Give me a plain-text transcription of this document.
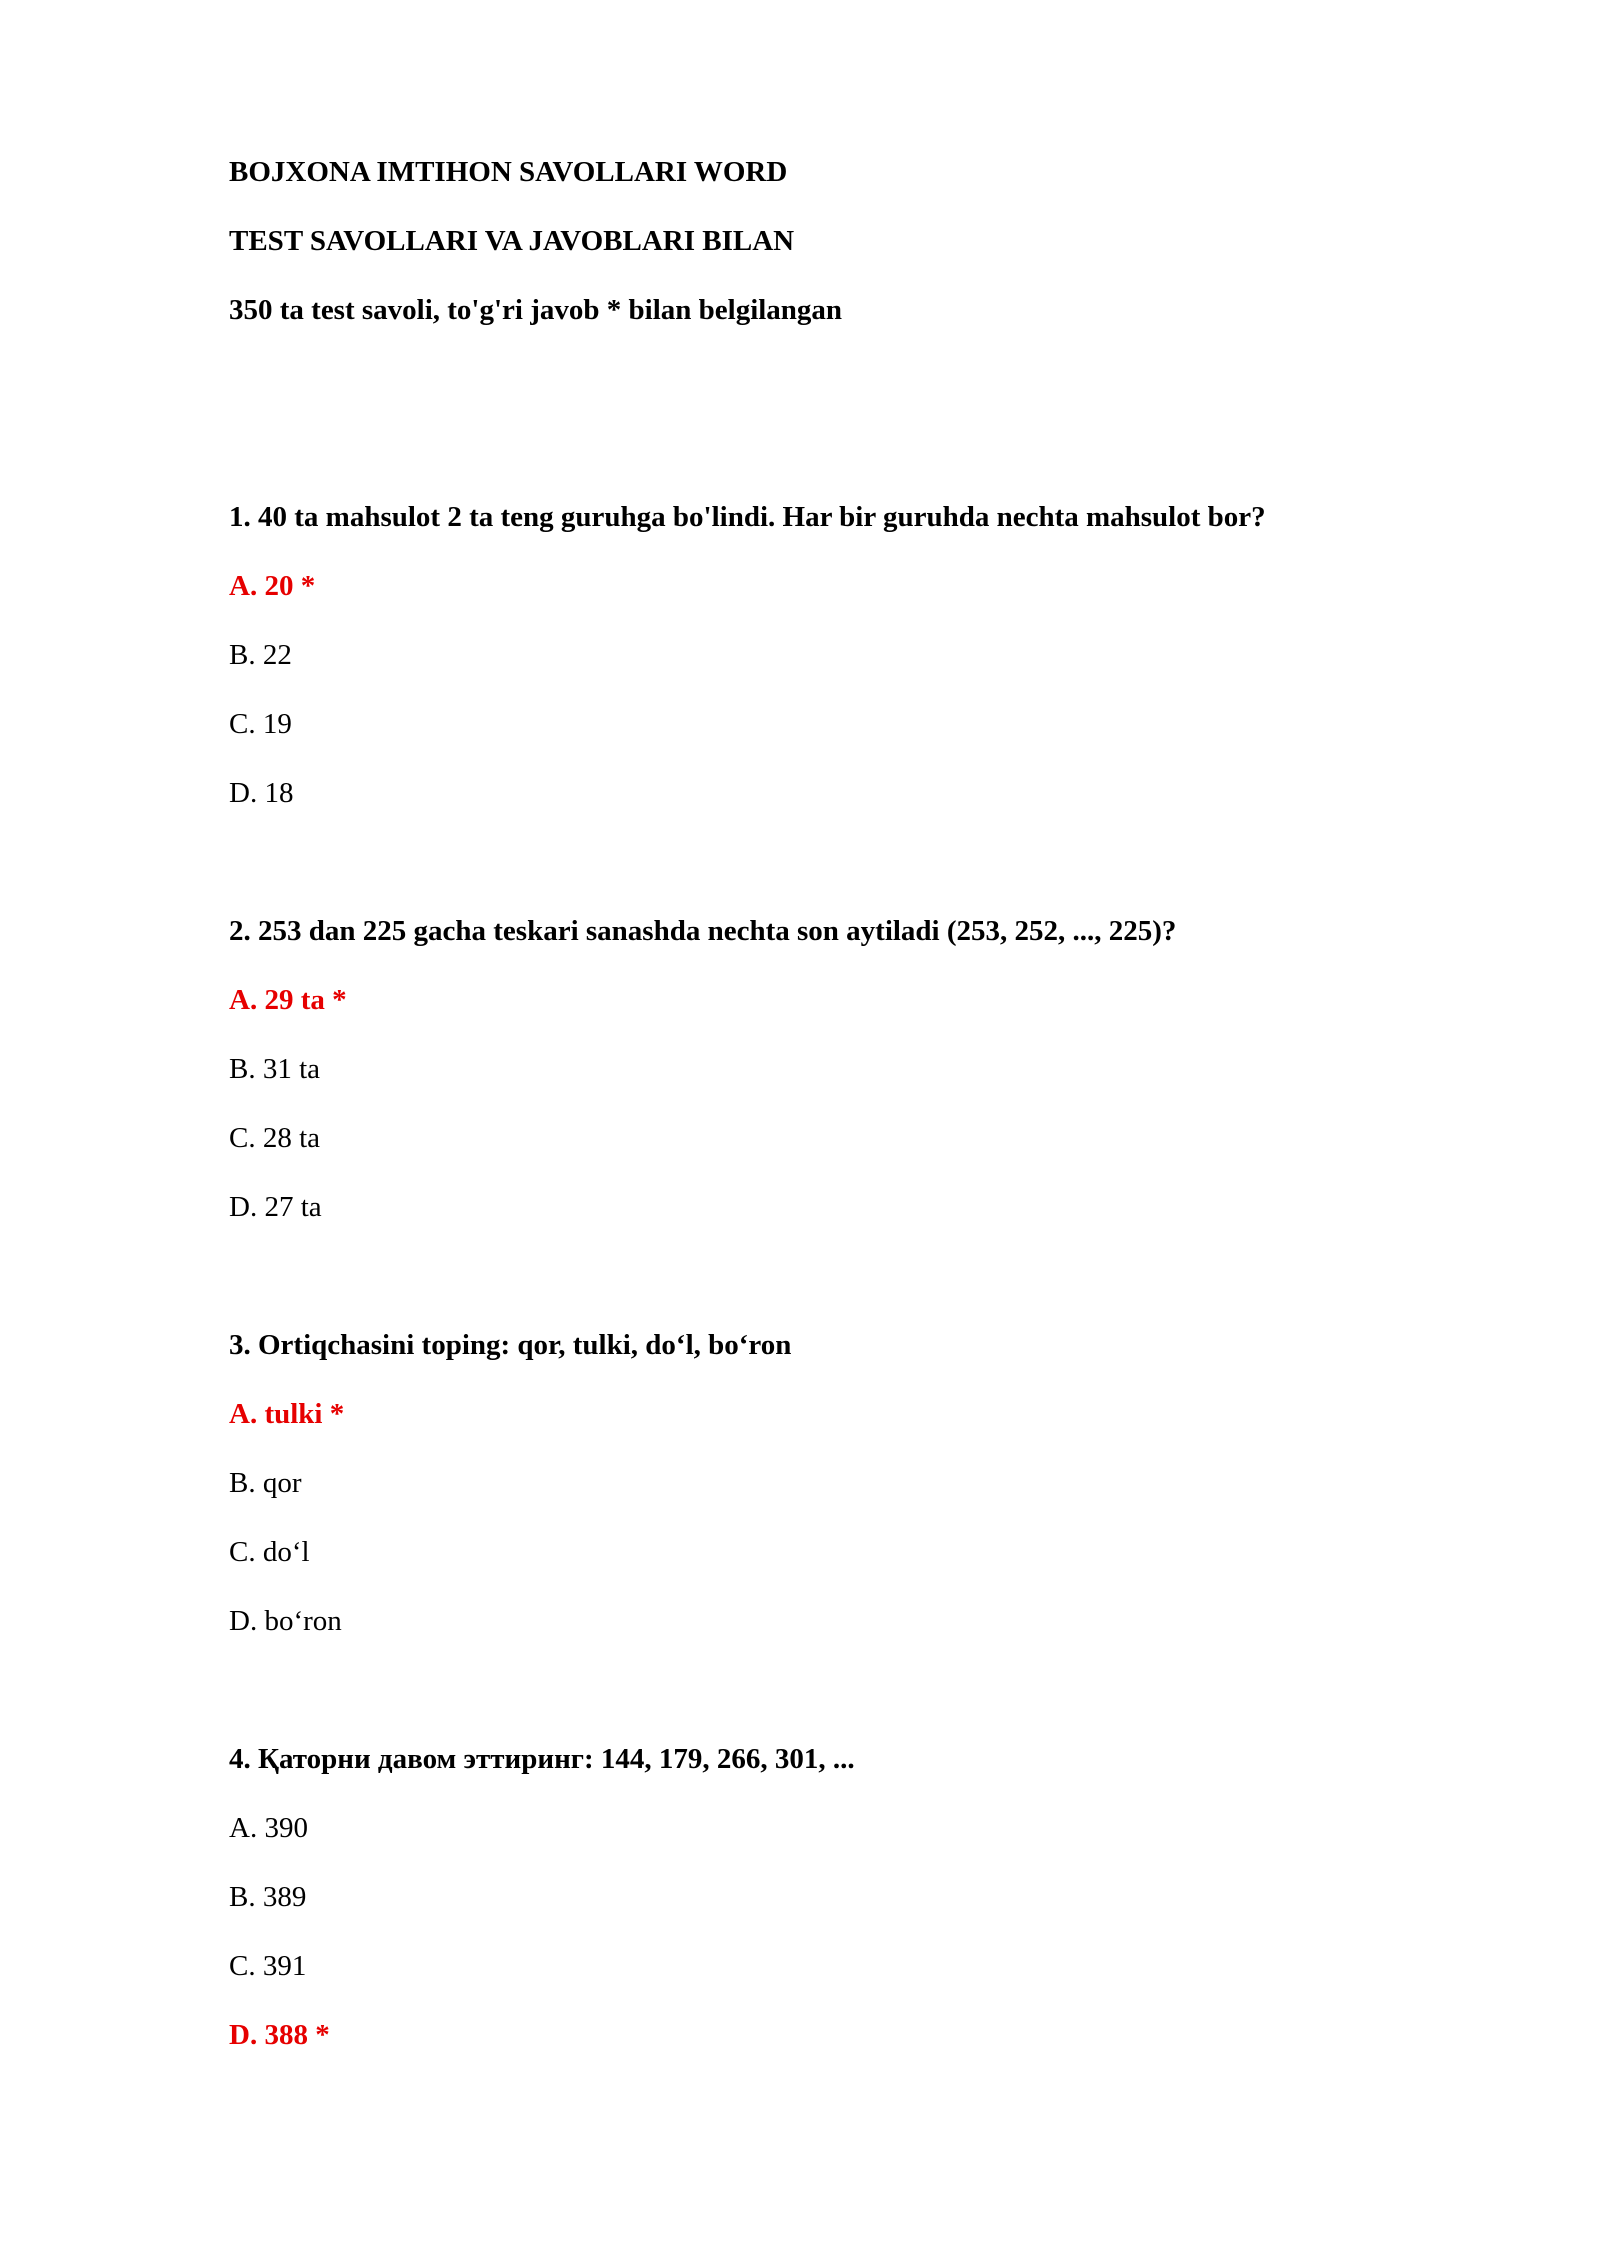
BOJXONA IMTIHON SAVOLLARI WORD
TEST SAVOLLARI VA JAVOBLARI BILAN
350 ta test savoli, to'g'ri javob * bilan belgilangan
1. 40 ta mahsulot 2 ta teng guruhga bo'lindi. Har bir guruhda nechta mahsulot bor?
A. 20 *
B. 22
C. 19
D. 18
2. 253 dan 225 gacha teskari sanashda nechta son aytiladi (253, 252, ..., 225)?
A. 29 ta *
B. 31 ta
C. 28 ta
D. 27 ta
3. Ortiqchasini toping: qor, tulki, do‘l, bo‘ron
A. tulki *
B. qor
C. do‘l
D. bo‘ron
4. Қаторни давом эттиринг: 144, 179, 266, 301, ...
A. 390
B. 389
C. 391
D. 388 *
